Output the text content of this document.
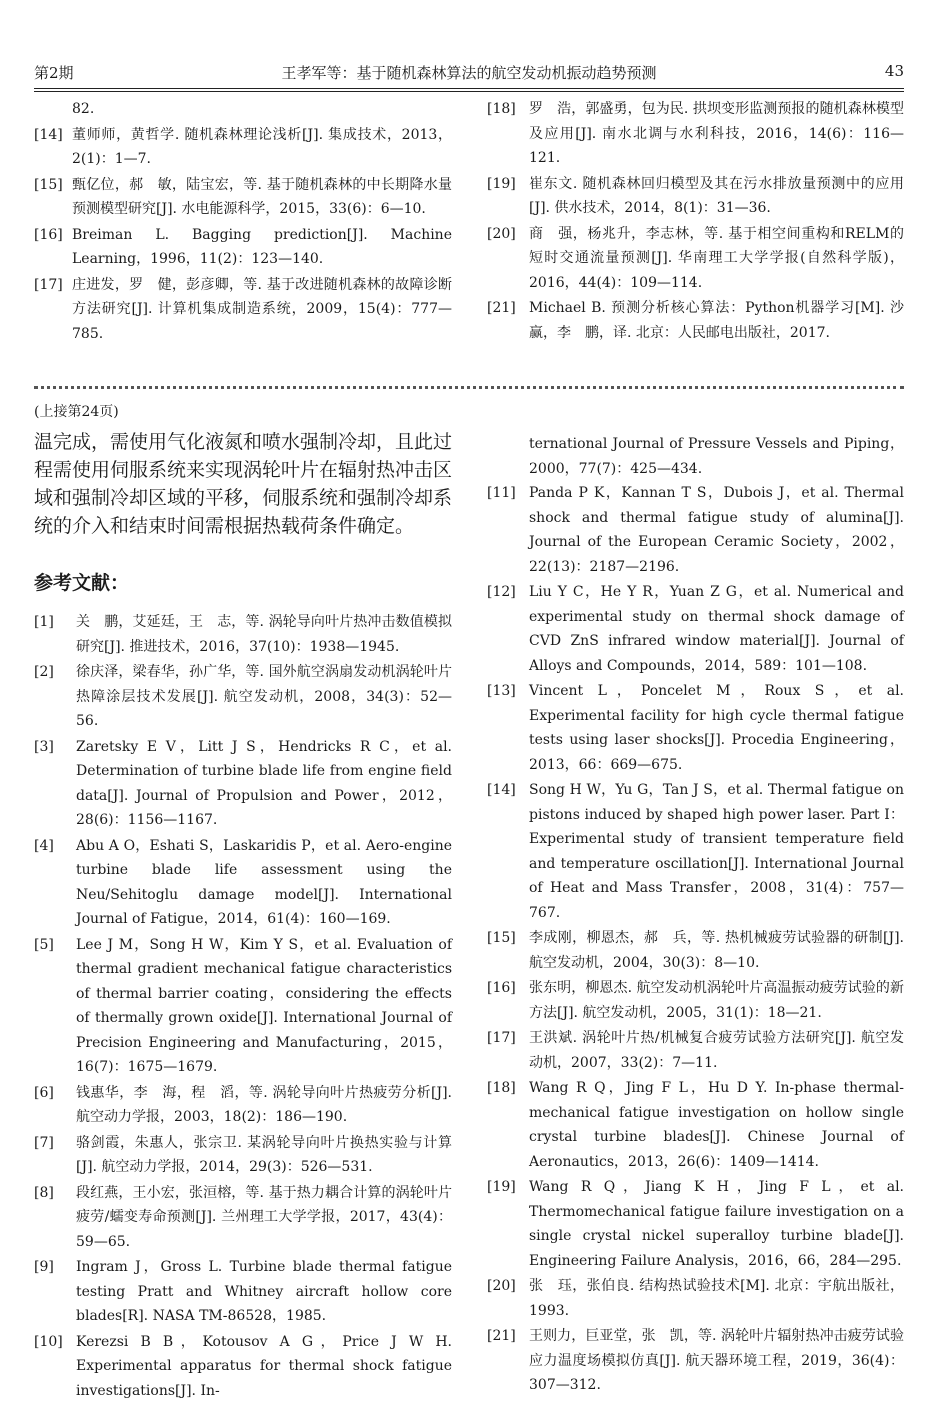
第2期	王孝军等：基于随机森林算法的航空发动机振动趋势预测	43
82.
[14] 董师师，黄哲学. 随机森林理论浅析[J]. 集成技术，2013，2(1)：1—7.
[15] 甄亿位，郝　敏，陆宝宏，等. 基于随机森林的中长期降水量预测模型研究[J]. 水电能源科学，2015，33(6)：6—10.
[16] Breiman L. Bagging prediction[J]. Machine Learning，1996，11(2)：123—140.
[17] 庄进发，罗　健，彭彦卿，等. 基于改进随机森林的故障诊断方法研究[J]. 计算机集成制造系统，2009，15(4)：777—785.
[18] 罗　浩，郭盛勇，包为民. 拱坝变形监测预报的随机森林模型及应用[J]. 南水北调与水利科技，2016，14(6)：116—121.
[19] 崔东文. 随机森林回归模型及其在污水排放量预测中的应用[J]. 供水技术，2014，8(1)：31—36.
[20] 商　强，杨兆升，李志林，等. 基于相空间重构和RELM的短时交通流量预测[J]. 华南理工大学学报(自然科学版)，2016，44(4)：109—114.
[21] Michael B. 预测分析核心算法：Python机器学习[M]. 沙赢，李　鹏，译. 北京：人民邮电出版社，2017.
(上接第24页)
温完成，需使用气化液氮和喷水强制冷却，且此过程需使用伺服系统来实现涡轮叶片在辐射热冲击区域和强制冷却区域的平移，伺服系统和强制冷却系统的介入和结束时间需根据热载荷条件确定。
参考文献：
[1]	关　鹏，艾延廷，王　志，等. 涡轮导向叶片热冲击数值模拟研究[J]. 推进技术，2016，37(10)：1938—1945.
[2]	徐庆泽，梁春华，孙广华，等. 国外航空涡扇发动机涡轮叶片热障涂层技术发展[J]. 航空发动机，2008，34(3)：52—56.
[3]	Zaretsky E V，Litt J S，Hendricks R C，et al. Determination of turbine blade life from engine field data[J]. Journal of Propulsion and Power，2012，28(6)：1156—1167.
[4]	Abu A O，Eshati S，Laskaridis P，et al. Aero-engine turbine blade life assessment using the Neu/Sehitoglu damage model[J]. International Journal of Fatigue，2014，61(4)：160—169.
[5]	Lee J M，Song H W，Kim Y S，et al. Evaluation of thermal gradient mechanical fatigue characteristics of thermal barrier coating，considering the effects of thermally grown oxide[J]. International Journal of Precision Engineering and Manufacturing，2015，16(7)：1675—1679.
[6]	钱惠华，李　海，程　滔，等. 涡轮导向叶片热疲劳分析[J]. 航空动力学报，2003，18(2)：186—190.
[7]	骆剑霞，朱惠人，张宗卫. 某涡轮导向叶片换热实验与计算[J]. 航空动力学报，2014，29(3)：526—531.
[8]	段红燕，王小宏，张洹榕，等. 基于热力耦合计算的涡轮叶片疲劳/蠕变寿命预测[J]. 兰州理工大学学报，2017，43(4)：59—65.
[9]	Ingram J，Gross L. Turbine blade thermal fatigue testing Pratt and Whitney aircraft hollow core blades[R]. NASA TM-86528，1985.
[10] Kerezsi B B，Kotousov A G，Price J W H. Experimental apparatus for thermal shock fatigue investigations[J]. In-
ternational Journal of Pressure Vessels and Piping，2000，77(7)：425—434.
[11] Panda P K，Kannan T S，Dubois J，et al. Thermal shock and thermal fatigue study of alumina[J]. Journal of the European Ceramic Society，2002，22(13)：2187—2196.
[12] Liu Y C，He Y R，Yuan Z G，et al. Numerical and experimental study on thermal shock damage of CVD ZnS infrared window material[J]. Journal of Alloys and Compounds，2014，589：101—108.
[13] Vincent L，Poncelet M，Roux S，et al. Experimental facility for high cycle thermal fatigue tests using laser shocks[J]. Procedia Engineering，2013，66：669—675.
[14] Song H W，Yu G，Tan J S，et al. Thermal fatigue on pistons induced by shaped high power laser. Part I：Experimental study of transient temperature field and temperature oscillation[J]. International Journal of Heat and Mass Transfer，2008，31(4)：757—767.
[15] 李成刚，柳恩杰，郝　兵，等. 热机械疲劳试验器的研制[J]. 航空发动机，2004，30(3)：8—10.
[16] 张东明，柳恩杰. 航空发动机涡轮叶片高温振动疲劳试验的新方法[J]. 航空发动机，2005，31(1)：18—21.
[17] 王洪斌. 涡轮叶片热/机械复合疲劳试验方法研究[J]. 航空发动机，2007，33(2)：7—11.
[18] Wang R Q，Jing F L，Hu D Y. In-phase thermal-mechanical fatigue investigation on hollow single crystal turbine blades[J]. Chinese Journal of Aeronautics，2013，26(6)：1409—1414.
[19] Wang R Q，Jiang K H，Jing F L，et al. Thermomechanical fatigue failure investigation on a single crystal nickel superalloy turbine blade[J]. Engineering Failure Analysis，2016，66，284—295.
[20] 张　珏，张伯良. 结构热试验技术[M]. 北京：宇航出版社，1993.
[21] 王则力，巨亚堂，张　凯，等. 涡轮叶片辐射热冲击疲劳试验应力温度场模拟仿真[J]. 航天器环境工程，2019，36(4)：307—312.
